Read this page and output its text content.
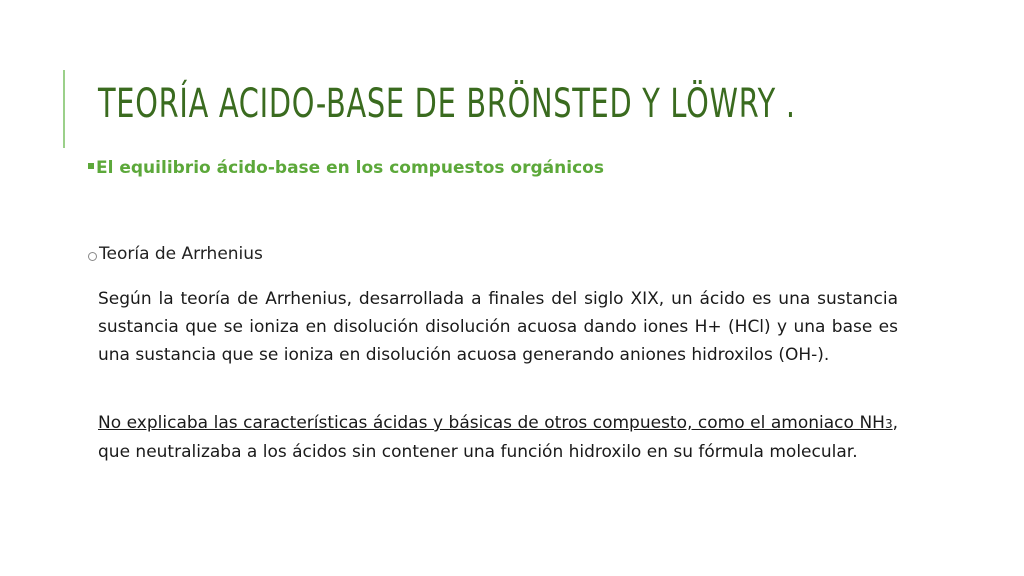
TEORÍA ACIDO-BASE DE BRÖNSTED Y LÖWRY .
El equilibrio ácido-base en los compuestos orgánicos
Teoría de Arrhenius

Según la teoría de Arrhenius, desarrollada a finales del siglo XIX, un ácido es una sustancia sustancia que se ioniza en disolución disolución acuosa dando iones H+ (HCl) y una base es una sustancia que se ioniza en disolución acuosa generando aniones hidroxilos (OH-).

No explicaba las características ácidas y básicas de otros compuesto, como el amoniaco NH3, que neutralizaba a los ácidos sin contener una función hidroxilo en su fórmula molecular.
